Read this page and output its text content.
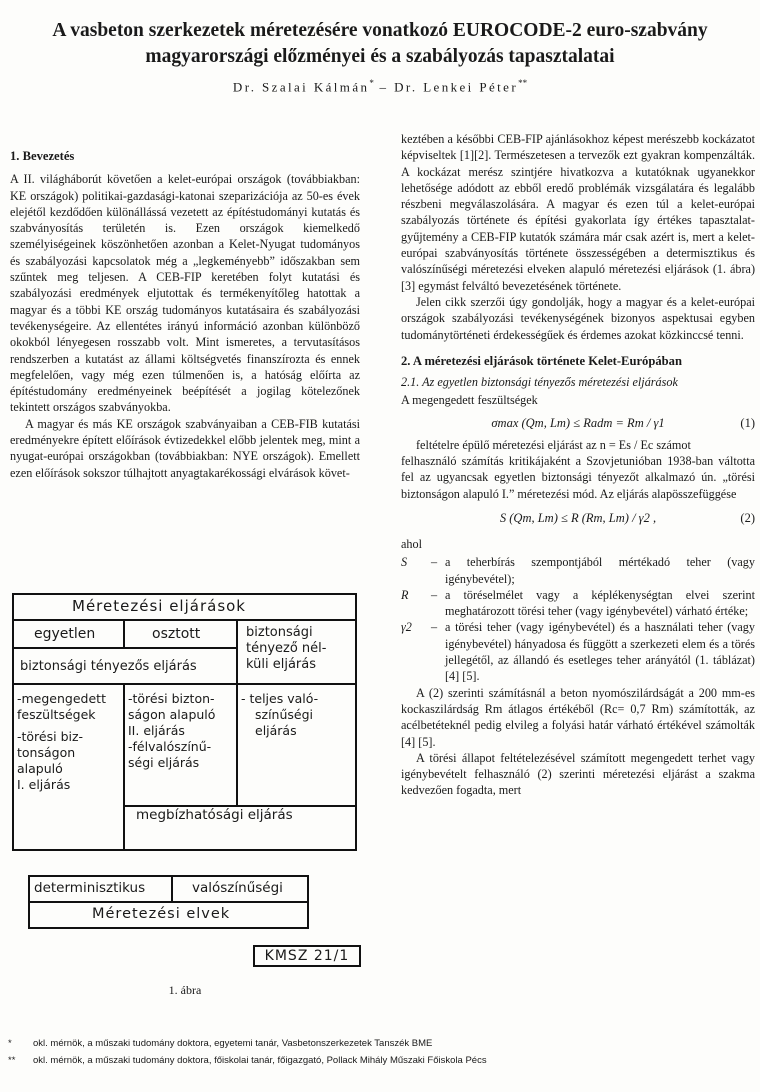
A vasbeton szerkezetek méretezésére vonatkozó EUROCODE-2 euro-szabvány
magyarországi előzményei és a szabályozás tapasztalatai
Dr. Szalai Kálmán* – Dr. Lenkei Péter**
1. Bevezetés

A II. világháborút követően a kelet-európai országok (továbbiakban: KE országok) politikai-gazdasági-katonai szeparizációja az 50-es évek elejétől kezdődően különállássá vezetett az építéstudományi kutatás és szabványosítás területén is. Ezen országok kiemelkedő személyiségeinek köszönhetően azonban a Kelet-Nyugat tudományos és szabályozási kapcsolatok még a „legkeményebb” időszakban sem szűntek meg teljesen. A CEB-FIP keretében folyt kutatási és szabályozási eredmények eljutottak és termékenyítőleg hatottak a magyar és a többi KE ország tudományos kutatásaira és szabályozási tevékenységeire. Az ellentétes irányú információ azonban különböző okokból lényegesen rosszabb volt. Mint ismeretes, a tervutasításos rendszerben a kutatást az állami költségvetés finanszírozta és ennek megfelelően, vagy még ezen túlmenően is, a hatóság előírta az építéstudomány eredményeinek beépítését a jogilag kötelezőnek tekintett országos szabványokba.

A magyar és más KE országok szabványaiban a CEB-FIB kutatási eredményekre épített előírások évtizedekkel előbb jelentek meg, mint a nyugat-európai országokban (továbbiakban: NYE országok). Emellett ezen előírások sokszor túlhajtott anyagtakarékossági elvárások követ-

Méretezési eljárások
egyetlen	osztott
biztonsági tényezős eljárás
biztonsági
tényező nél-
küli eljárás
-megengedett
feszültségek
-törési biz-
tonságon
alapuló
I. eljárás
-törési bizton-
ságon alapuló
II. eljárás
-félvalószínű-
ségi eljárás
- teljes való-
színűségi
eljárás
megbízhatósági eljárás
determinisztikus	valószínűségi
Méretezési elvek
KMSZ 21/1
1. ábra

keztében a későbbi CEB-FIP ajánlásokhoz képest merészebb kockázatot képviseltek [1][2]. Természetesen a tervezők ezt gyakran kompenzálták. A kockázat merész szintjére hivatkozva a kutatóknak ugyanekkor lehetősége adódott az ebből eredő problémák vizsgálatára és legalább részbeni megválaszolására. A magyar és ezen túl a kelet-európai szabályozás története és építési gyakorlata így értékes tapasztalat-gyűjtemény a CEB-FIP kutatók számára már csak azért is, mert a kelet-európai szabványosítás története összességében a determisztikus és valószínűségi méretezési elveken alapuló méretezési eljárások (1. ábra) [3] egymást felváltó bevezetésének története.

Jelen cikk szerzői úgy gondolják, hogy a magyar és a kelet-európai országok szabályozási tevékenységének bizonyos aspektusai egyben tudománytörténeti érdekességűek és érdemes azokat közkinccsé tenni.

2. A méretezési eljárások története Kelet-Európában
2.1. Az egyetlen biztonsági tényezős méretezési eljárások

A megengedett feszültségek

σmax (Qm, Lm) ≤ Radm = Rm / γ1	(1)

feltételre épülő méretezési eljárást az n = Es / Ec számot

felhasználó számítás kritikájaként a Szovjetunióban 1938-ban váltotta fel az ugyancsak egyetlen biztonsági tényezőt alkalmazó ún. „törési biztonságon alapuló I.” méretezési mód. Az eljárás alapösszefüggése

S (Qm, Lm) ≤ R (Rm, Lm) / γ2 ,	(2)

ahol

S	– a teherbírás szempontjából mértékadó teher (vagy igénybevétel);
R	– a töréselmélet vagy a képlékenységtan elvei szerint meghatározott törési teher (vagy igénybevétel) várható értéke;
γ2	– a törési teher (vagy igénybevétel) és a használati teher (vagy igénybevétel) hányadosa és függött a szerkezeti elem és a törés jellegétől, az állandó és esetleges teher arányától (1. táblázat) [4] [5].

A (2) szerinti számításnál a beton nyomószilárdságát a 200 mm-es kockaszilárdság Rm átlagos értékéből (Rc= 0,7 Rm) számították, az acélbetéteknél pedig elvileg a folyási határ várható értékével számolták [4] [5].

A törési állapot feltételezésével számított megengedett terhet vagy igénybevételt felhasználó (2) szerinti méretezési eljárást a szakma kedvezően fogadta, mert

* okl. mérnök, a műszaki tudomány doktora, egyetemi tanár, Vasbetonszerkezetek Tanszék BME
** okl. mérnök, a műszaki tudomány doktora, főiskolai tanár, főigazgató, Pollack Mihály Műszaki Főiskola Pécs
